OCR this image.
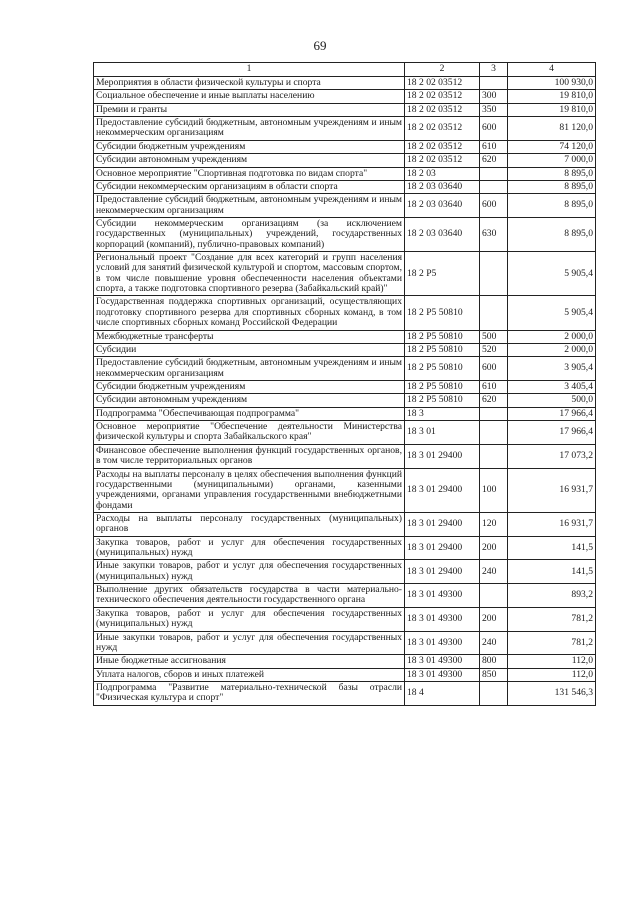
69
1	2	3	4
Мероприятия в области физической культуры и спорта	18 2 02 03512		100 930,0
Социальное обеспечение и иные выплаты населению	18 2 02 03512	300	19 810,0
Премии и гранты	18 2 02 03512	350	19 810,0
Предоставление субсидий бюджетным, автономным учреждениям и иным некоммерческим организациям	18 2 02 03512	600	81 120,0
Субсидии бюджетным учреждениям	18 2 02 03512	610	74 120,0
Субсидии автономным учреждениям	18 2 02 03512	620	7 000,0
Основное мероприятие "Спортивная подготовка по видам спорта"	18 2 03		8 895,0
Субсидии некоммерческим организациям в области спорта	18 2 03 03640		8 895,0
Предоставление субсидий бюджетным, автономным учреждениям и иным некоммерческим организациям	18 2 03 03640	600	8 895,0
Субсидии некоммерческим организациям (за исключением государственных (муниципальных) учреждений, государственных корпораций (компаний), публично-правовых компаний)	18 2 03 03640	630	8 895,0
Региональный проект "Создание для всех категорий и групп населения условий для занятий физической культурой и спортом, массовым спортом, в том числе повышение уровня обеспеченности населения объектами спорта, а также подготовка спортивного резерва (Забайкальский край)"	18 2 P5		5 905,4
Государственная поддержка спортивных организаций, осуществляющих подготовку спортивного резерва для спортивных сборных команд, в том числе спортивных сборных команд Российской Федерации	18 2 P5 50810		5 905,4
Межбюджетные трансферты	18 2 P5 50810	500	2 000,0
Субсидии	18 2 P5 50810	520	2 000,0
Предоставление субсидий бюджетным, автономным учреждениям и иным некоммерческим организациям	18 2 P5 50810	600	3 905,4
Субсидии бюджетным учреждениям	18 2 P5 50810	610	3 405,4
Субсидии автономным учреждениям	18 2 P5 50810	620	500,0
Подпрограмма "Обеспечивающая подпрограмма"	18 3		17 966,4
Основное мероприятие "Обеспечение деятельности Министерства физической культуры и спорта Забайкальского края"	18 3 01		17 966,4
Финансовое обеспечение выполнения функций государственных органов, в том числе территориальных органов	18 3 01 29400		17 073,2
Расходы на выплаты персоналу в целях обеспечения выполнения функций государственными (муниципальными) органами, казенными учреждениями, органами управления государственными внебюджетными фондами	18 3 01 29400	100	16 931,7
Расходы на выплаты персоналу государственных (муниципальных) органов	18 3 01 29400	120	16 931,7
Закупка товаров, работ и услуг для обеспечения государственных (муниципальных) нужд	18 3 01 29400	200	141,5
Иные закупки товаров, работ и услуг для обеспечения государственных (муниципальных) нужд	18 3 01 29400	240	141,5
Выполнение других обязательств государства в части материально-технического обеспечения деятельности государственного органа	18 3 01 49300		893,2
Закупка товаров, работ и услуг для обеспечения государственных (муниципальных) нужд	18 3 01 49300	200	781,2
Иные закупки товаров, работ и услуг для обеспечения государственных нужд	18 3 01 49300	240	781,2
Иные бюджетные ассигнования	18 3 01 49300	800	112,0
Уплата налогов, сборов и иных платежей	18 3 01 49300	850	112,0
Подпрограмма "Развитие материально-технической базы отрасли "Физическая культура и спорт"	18 4		131 546,3
